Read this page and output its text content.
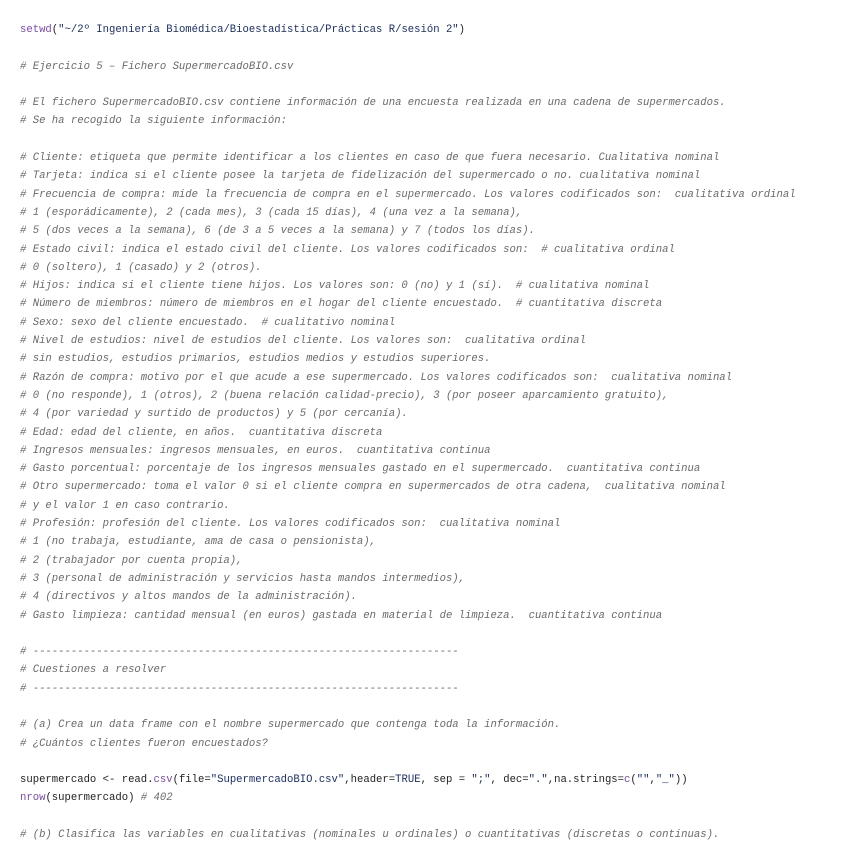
setwd("~/2º Ingeniería Biomédica/Bioestadística/Prácticas R/sesión 2")
# Ejercicio 5 – Fichero SupermercadoBIO.csv
# El fichero SupermercadoBIO.csv contiene información de una encuesta realizada en una cadena de supermercados.
# Se ha recogido la siguiente información:
# Cliente: etiqueta que permite identificar a los clientes en caso de que fuera necesario. Cualitativa nominal
# Tarjeta: indica si el cliente posee la tarjeta de fidelización del supermercado o no. cualitativa nominal
# Frecuencia de compra: mide la frecuencia de compra en el supermercado. Los valores codificados son:  cualitativa ordinal
# 1 (esporádicamente), 2 (cada mes), 3 (cada 15 días), 4 (una vez a la semana),
# 5 (dos veces a la semana), 6 (de 3 a 5 veces a la semana) y 7 (todos los días).
# Estado civil: indica el estado civil del cliente. Los valores codificados son:  # cualitativa ordinal
# 0 (soltero), 1 (casado) y 2 (otros).
# Hijos: indica si el cliente tiene hijos. Los valores son: 0 (no) y 1 (sí).  # cualitativa nominal
# Número de miembros: número de miembros en el hogar del cliente encuestado.  # cuantitativa discreta
# Sexo: sexo del cliente encuestado.  # cualitativo nominal
# Nivel de estudios: nivel de estudios del cliente. Los valores son:  cualitativa ordinal
# sin estudios, estudios primarios, estudios medios y estudios superiores.
# Razón de compra: motivo por el que acude a ese supermercado. Los valores codificados son:  cualitativa nominal
# 0 (no responde), 1 (otros), 2 (buena relación calidad-precio), 3 (por poseer aparcamiento gratuito),
# 4 (por variedad y surtido de productos) y 5 (por cercanía).
# Edad: edad del cliente, en años.  cuantitativa discreta
# Ingresos mensuales: ingresos mensuales, en euros.  cuantitativa continua
# Gasto porcentual: porcentaje de los ingresos mensuales gastado en el supermercado.  cuantitativa continua
# Otro supermercado: toma el valor 0 si el cliente compra en supermercados de otra cadena,  cualitativa nominal
# y el valor 1 en caso contrario.
# Profesión: profesión del cliente. Los valores codificados son:  cualitativa nominal
# 1 (no trabaja, estudiante, ama de casa o pensionista),
# 2 (trabajador por cuenta propia),
# 3 (personal de administración y servicios hasta mandos intermedios),
# 4 (directivos y altos mandos de la administración).
# Gasto limpieza: cantidad mensual (en euros) gastada en material de limpieza.  cuantitativa continua
# -------------------------------------------------------------------
# Cuestiones a resolver
# -------------------------------------------------------------------
# (a) Crea un data frame con el nombre supermercado que contenga toda la información.
# ¿Cuántos clientes fueron encuestados?
supermercado <- read.csv(file="SupermercadoBIO.csv",header=TRUE, sep = ";", dec=".",na.strings=c("","_"))
nrow(supermercado) # 402
# (b) Clasifica las variables en cualitativas (nominales u ordinales) o cuantitativas (discretas o continuas).
